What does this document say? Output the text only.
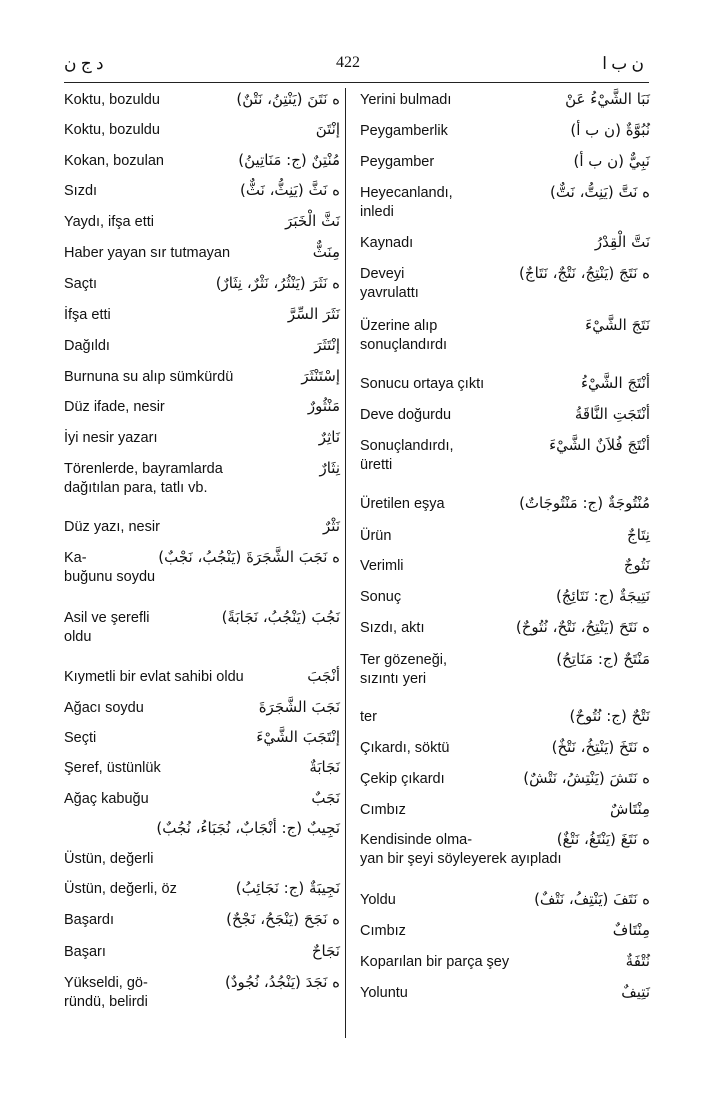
د ج ن	422	ن ب ا
Koktu, bozuldu	ه نَتَنَ (يَنْتِنُ، نَتْنٌ)
Koktu, bozuldu	إنْتَنَ
Kokan, bozulan	مُنْتِنٌ (ج: مَنَاتِينُ)
Sızdı	ه نَثَّ (يَنِثُّ، نَثٌّ)
Yaydı, ifşa etti	نَثَّ الْخَبَرَ
Haber yayan sır tutmayan	مِنَثٌّ
Saçtı	ه نَثَرَ (يَنْثُرُ، نَثْرٌ، نِثَارٌ)
İfşa etti	نَثَرَ السِّرَّ
Dağıldı	إنْتَثَرَ
Burnuna su alıp sümkürdü	إسْتَنْثَرَ
Düz ifade, nesir	مَنْثُورٌ
İyi nesir yazarı	نَاثِرٌ
Törenlerde, bayramlarda	نِثَارٌ
dağıtılan para, tatlı vb.
Düz yazı, nesir	نَثْرٌ
Ka-	ه نَجَبَ الشَّجَرَةَ (يَنْجُبُ، نَجْبٌ)
buğunu soydu
Asil ve şerefli	نَجُبَ (يَنْجُبُ، نَجَابَةً)
oldu
Kıymetli bir evlat sahibi oldu	أنْجَبَ
Ağacı soydu	نَجَبَ الشَّجَرَةَ
Seçti	إنْتَجَبَ الشَّيْءَ
Şeref, üstünlük	نَجَابَةٌ
Ağaç kabuğu	نَجَبٌ
نَجِيبٌ (ج: أنْجَابٌ، نُجَبَاءُ، نُجُبٌ)
Üstün, değerli
Üstün, değerli, öz	نَجِيبَةٌ (ج: نَجَائِبُ)
Başardı	ه نَجَحَ (يَنْجَحُ، نَجْحٌ)
Başarı	نَجَاحٌ
Yükseldi, gö-	ه نَجَدَ (يَنْجُدُ، نُجُودٌ)
ründü, belirdi
Yerini bulmadı	نَبَا الشَّيْءُ عَنْ
Peygamberlik	نُبُوَّةٌ (ن ب أ)
Peygamber	نَبِيٌّ (ن ب أ)
Heyecanlandı,	ه نَتَّ (يَنِتُّ، نَتٌّ)
inledi
Kaynadı	نَتَّ الْقِدْرُ
Deveyi	ه نَتَجَ (يَنْتِجُ، نَتْجٌ، نَتَاجٌ)
yavrulattı
Üzerine alıp	نَتَجَ الشَّيْءَ
sonuçlandırdı
Sonucu ortaya çıktı	أنْتَجَ الشَّيْءُ
Deve doğurdu	أنْتَجَتِ النَّاقَةُ
Sonuçlandırdı,	أنْتَجَ فُلاَنٌ الشَّيْءَ
üretti
Üretilen eşya	مُنْتُوجَةٌ (ج: مَنْتُوجَاتٌ)
Ürün	نِتَاجٌ
Verimli	نَتُوجٌ
Sonuç	نَتِيجَةٌ (ج: نَتَائِجُ)
Sızdı, aktı	ه نَتَحَ (يَنْتِحُ، نَتْحٌ، نُتُوحٌ)
Ter gözeneği,	مَنْتَحٌ (ج: مَنَاتِحُ)
sızıntı yeri
ter	نَتْحٌ (ج: نُتُوحٌ)
Çıkardı, söktü	ه نَتَخَ (يَنْتِخُ، نَتْخٌ)
Çekip çıkardı	ه نَتَشَ (يَنْتِشُ، نَتْشٌ)
Cımbız	مِنْتَاشٌ
Kendisinde olma-	ه نَتَغَ (يَنْتَغُ، نَتْغٌ)
yan bir şeyi söyleyerek ayıpladı
Yoldu	ه نَتَفَ (يَنْتِفُ، نَتْفٌ)
Cımbız	مِنْتَافٌ
Koparılan bir parça şey	نُتْفَةٌ
Yoluntu	نَتِيفٌ
